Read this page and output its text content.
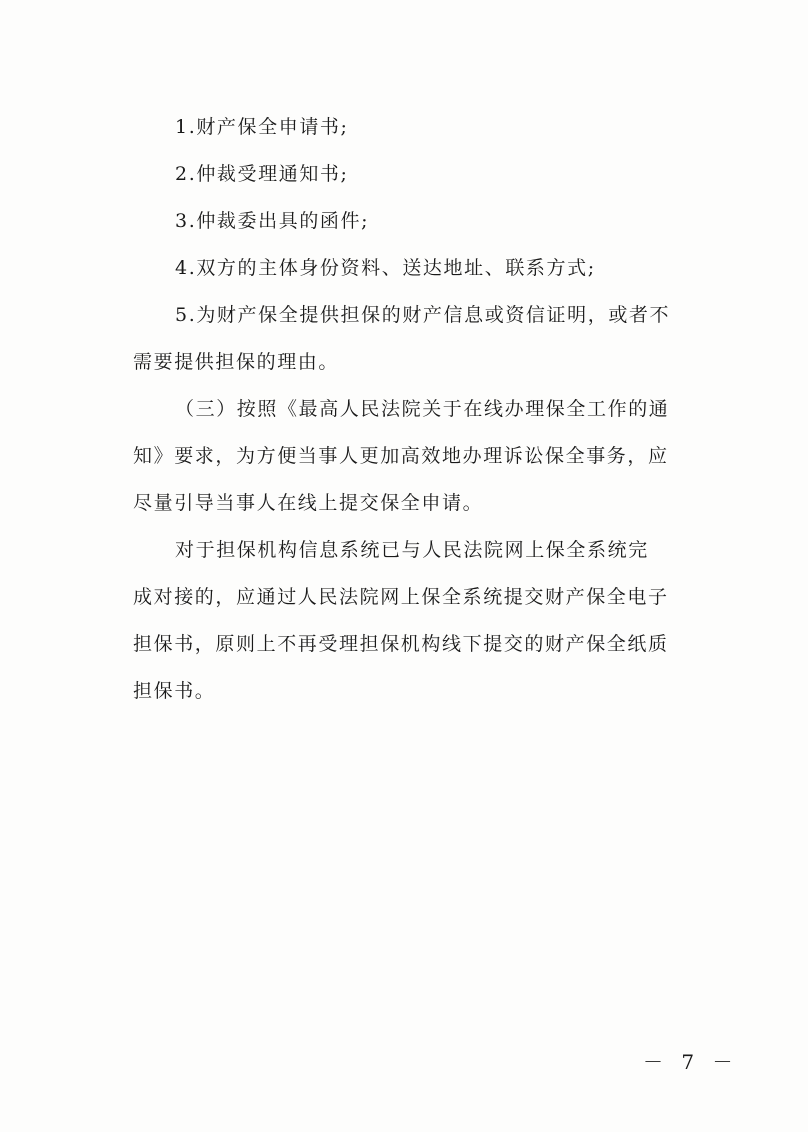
1.财产保全申请书;
2.仲裁受理通知书;
3.仲裁委出具的函件;
4.双方的主体身份资料、送达地址、联系方式;
5.为财产保全提供担保的财产信息或资信证明，或者不
需要提供担保的理由。
（三）按照《最高人民法院关于在线办理保全工作的通
知》要求，为方便当事人更加高效地办理诉讼保全事务，应
尽量引导当事人在线上提交保全申请。
对于担保机构信息系统已与人民法院网上保全系统完
成对接的，应通过人民法院网上保全系统提交财产保全电子
担保书，原则上不再受理担保机构线下提交的财产保全纸质
担保书。
－ 7 －
